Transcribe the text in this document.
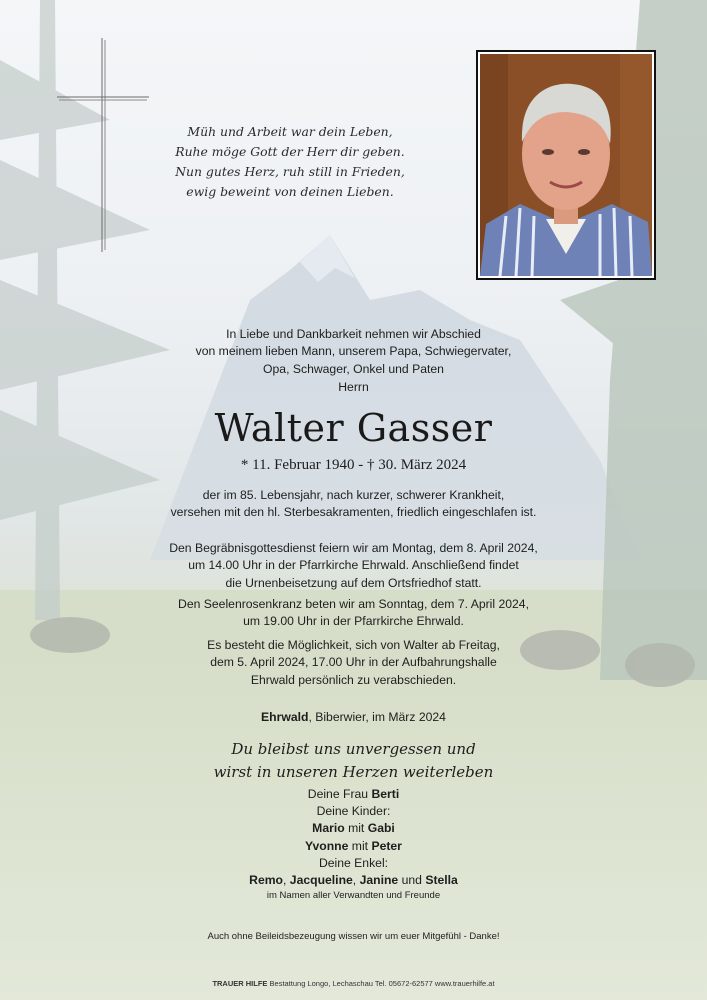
Müh und Arbeit war dein Leben,
Ruhe möge Gott der Herr dir geben.
Nun gutes Herz, ruh still in Frieden,
ewig beweint von deinen Lieben.
In Liebe und Dankbarkeit nehmen wir Abschied
von meinem lieben Mann, unserem Papa, Schwiegervater,
Opa, Schwager, Onkel und Paten
Herrn
Walter Gasser
* 11. Februar 1940 - † 30. März 2024
der im 85. Lebensjahr, nach kurzer, schwerer Krankheit,
versehen mit den hl. Sterbesakramenten, friedlich eingeschlafen ist.
Den Begräbnisgottesdienst feiern wir am Montag, dem 8. April 2024,
um 14.00 Uhr in der Pfarrkirche Ehrwald. Anschließend findet
die Urnenbeisetzung auf dem Ortsfriedhof statt.
Den Seelenrosenkranz beten wir am Sonntag, dem 7. April 2024,
um 19.00 Uhr in der Pfarrkirche Ehrwald.
Es besteht die Möglichkeit, sich von Walter ab Freitag,
dem 5. April 2024, 17.00 Uhr in der Aufbahrungshalle
Ehrwald persönlich zu verabschieden.
Ehrwald, Biberwier, im März 2024
Du bleibst uns unvergessen und
wirst in unseren Herzen weiterleben
Deine Frau Berti
Deine Kinder:
Mario mit Gabi
Yvonne mit Peter
Deine Enkel:
Remo, Jacqueline, Janine und Stella
im Namen aller Verwandten und Freunde
Auch ohne Beileidsbezeugung wissen wir um euer Mitgefühl - Danke!
TRAUER HILFE Bestattung Longo, Lechaschau Tel. 05672-62577 www.trauerhilfe.at
